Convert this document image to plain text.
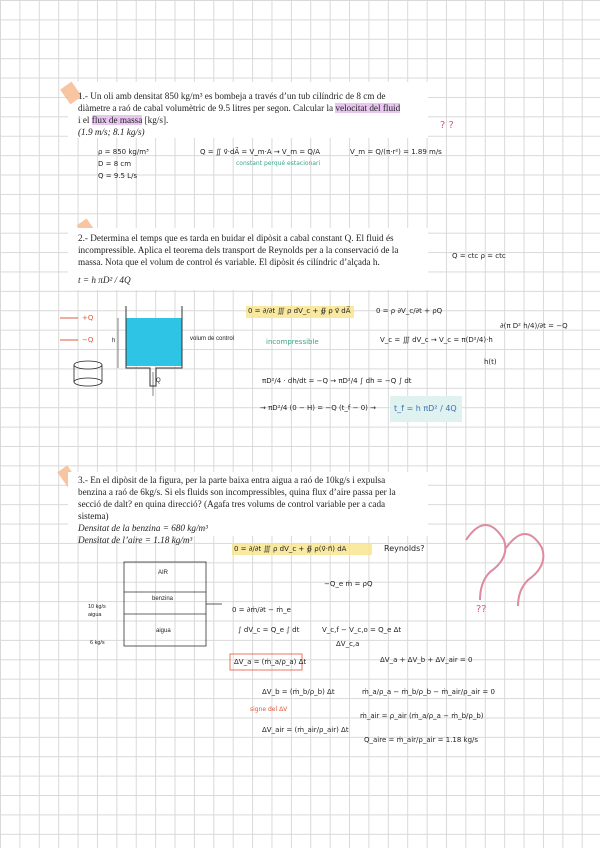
1.- Un oli amb densitat 850 kg/m³ es bombeja a través d’un tub cilíndric de 8 cm de
diàmetre a raó de cabal volumètric de 9.5 litres per segon. Calcular la velocitat del fluid
i el flux de massa [kg/s].
(1.9 m/s; 8.1 kg/s)
? ?
ρ = 850 kg/m³
D = 8 cm
Q = 9.5 L/s
Q = ∬ v⃗·dA⃗ = V_m·A → V_m = Q/A
constant perquè estacionari
V_m = Q/(π·r²) = 1.89 m/s
2.- Determina el temps que es tarda en buidar el dipòsit a cabal constant Q. El fluid és
incompressible. Aplica el teorema dels transport de Reynolds per a la conservació de la
massa. Nota que el volum de control és variable. El dipòsit és cilíndric d’alçada h.
t = h πD² / 4Q
Q = ctc ρ = ctc
volum de control
h
Q
+Q
−Q
0 = ∂/∂t ∭ ρ dV_c + ∯ ρ v⃗ dA⃗	0 = ρ ∂V_c/∂t + ρQ
incompressible	V_c = ∭ dV_c → V_c = π(D²/4)·h
∂(π D² h/4)/∂t = −Q
h(t)
πD²/4 · dh/dt = −Q → πD²/4 ∫ dh = −Q ∫ dt
→ πD²/4 (0 − H) = −Q (t_f − 0) → t_f = h πD² / 4Q
3.- En el dipòsit de la figura, per la parte baixa entra aigua a raó de 10kg/s i expulsa
benzina a raó de 6kg/s. Si els fluids son incompressibles, quina flux d’aire passa per la
secció de dalt? en quina direcció? (Agafa tres volums de control variable per a cada
sistema)
Densitat de la benzina = 680 kg/m³
Densitat de l’aire = 1.18 kg/m³
AIR
benzina
aigua
10 kg/s
aigua
6 kg/s
0 = ∂/∂t ∭ ρ dV_c + ∯ ρ(v⃗·n⃗) dA	Reynolds?
−Q_e ṁ = ρQ
??
0 = ∂ṁ/∂t − ṁ_e
∫ dV_c = Q_e ∫ dt	V_c,f − V_c,o = Q_e Δt
ΔV_c,a
ΔV_a = (ṁ_a/ρ_a) Δt
ΔV_b = (ṁ_b/ρ_b) Δt
signe del ΔV
ΔV_air = (ṁ_air/ρ_air) Δt
ΔV_a + ΔV_b + ΔV_air = 0
ṁ_a/ρ_a − ṁ_b/ρ_b − ṁ_air/ρ_air = 0
ṁ_air = ρ_air (ṁ_a/ρ_a − ṁ_b/ρ_b)
Q_aire = ṁ_air/ρ_air = 1.18 kg/s
